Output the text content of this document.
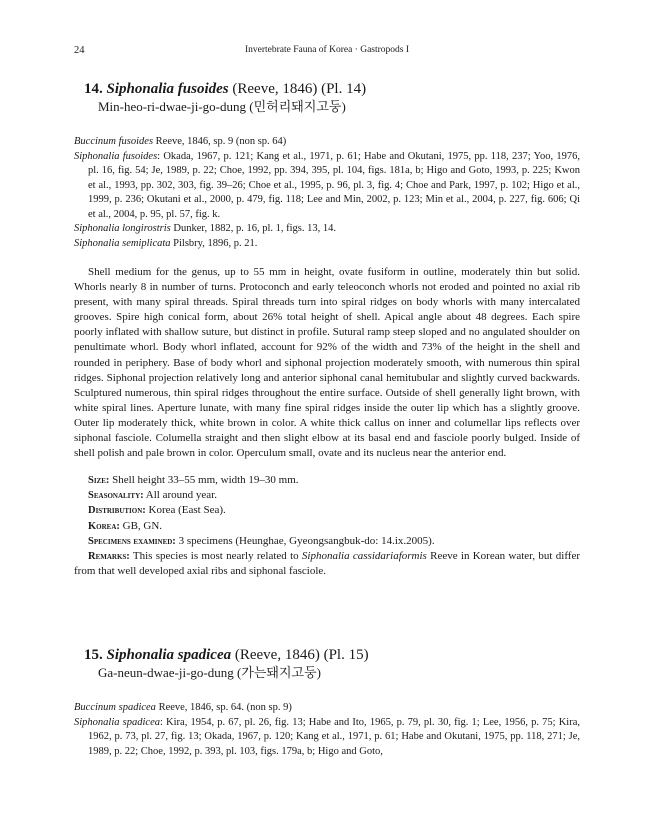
24	Invertebrate Fauna of Korea · Gastropods I
14. Siphonalia fusoides (Reeve, 1846) (Pl. 14)
Min-heo-ri-dwae-ji-go-dung (민허리돼지고둥)
Buccinum fusoides Reeve, 1846, sp. 9 (non sp. 64)
Siphonalia fusoides: Okada, 1967, p. 121; Kang et al., 1971, p. 61; Habe and Okutani, 1975, pp. 118, 237; Yoo, 1976, pl. 16, fig. 54; Je, 1989, p. 22; Choe, 1992, pp. 394, 395, pl. 104, figs. 181a, b; Higo and Goto, 1993, p. 225; Kwon et al., 1993, pp. 302, 303, fig. 39–26; Choe et al., 1995, p. 96, pl. 3, fig. 4; Choe and Park, 1997, p. 102; Higo et al., 1999, p. 236; Okutani et al., 2000, p. 479, fig. 118; Lee and Min, 2002, p. 123; Min et al., 2004, p. 227, fig. 606; Qi et al., 2004, p. 95, pl. 57, fig. k.
Siphonalia longirostris Dunker, 1882, p. 16, pl. 1, figs. 13, 14.
Siphonalia semiplicata Pilsbry, 1896, p. 21.

Shell medium for the genus, up to 55 mm in height, ovate fusiform in outline, moderately thin but solid. Whorls nearly 8 in number of turns. Protoconch and early teleoconch whorls not eroded and pointed no axial rib present, with many spiral threads. Spiral threads turn into spiral ridges on body whorls with many intercalated grooves. Spire high conical form, about 26% total height of shell. Apical angle about 48 degrees. Each spire poorly inflated with shallow suture, but distinct in profile. Sutural ramp steep sloped and no angulated shoulder on penultimate whorl. Body whorl inflated, account for 92% of the width and 73% of the height in the shell and rounded in periphery. Base of body whorl and siphonal projection moderately smooth, with numerous thin spiral ridges. Siphonal projection relatively long and anterior siphonal canal hemitubular and slightly curved backwards. Sculptured numerous, thin spiral ridges throughout the entire surface. Outside of shell generally light brown, with white spiral lines. Aperture lunate, with many fine spiral ridges inside the outer lip which has a slightly groove. Outer lip moderately thick, white brown in color. A white thick callus on inner and columellar lips reflects over siphonal fasciole. Columella straight and then slight elbow at its basal end and fasciole poorly bulged. Inside of shell polish and pale brown in color. Operculum small, ovate and its nucleus near the anterior end.

Size: Shell height 33–55 mm, width 19–30 mm.
Seasonality: All around year.
Distribution: Korea (East Sea).
Korea: GB, GN.
Specimens examined: 3 specimens (Heunghae, Gyeongsangbuk-do: 14.ix.2005).
Remarks: This species is most nearly related to Siphonalia cassidariaformis Reeve in Korean water, but differ from that well developed axial ribs and siphonal fasciole.
15. Siphonalia spadicea (Reeve, 1846) (Pl. 15)
Ga-neun-dwae-ji-go-dung (가는돼지고둥)
Buccinum spadicea Reeve, 1846, sp. 64. (non sp. 9)
Siphonalia spadicea: Kira, 1954, p. 67, pl. 26, fig. 13; Habe and Ito, 1965, p. 79, pl. 30, fig. 1; Lee, 1956, p. 75; Kira, 1962, p. 73, pl. 27, fig. 13; Okada, 1967, p. 120; Kang et al., 1971, p. 61; Habe and Okutani, 1975, pp. 118, 271; Je, 1989, p. 22; Choe, 1992, p. 393, pl. 103, figs. 179a, b; Higo and Goto,
